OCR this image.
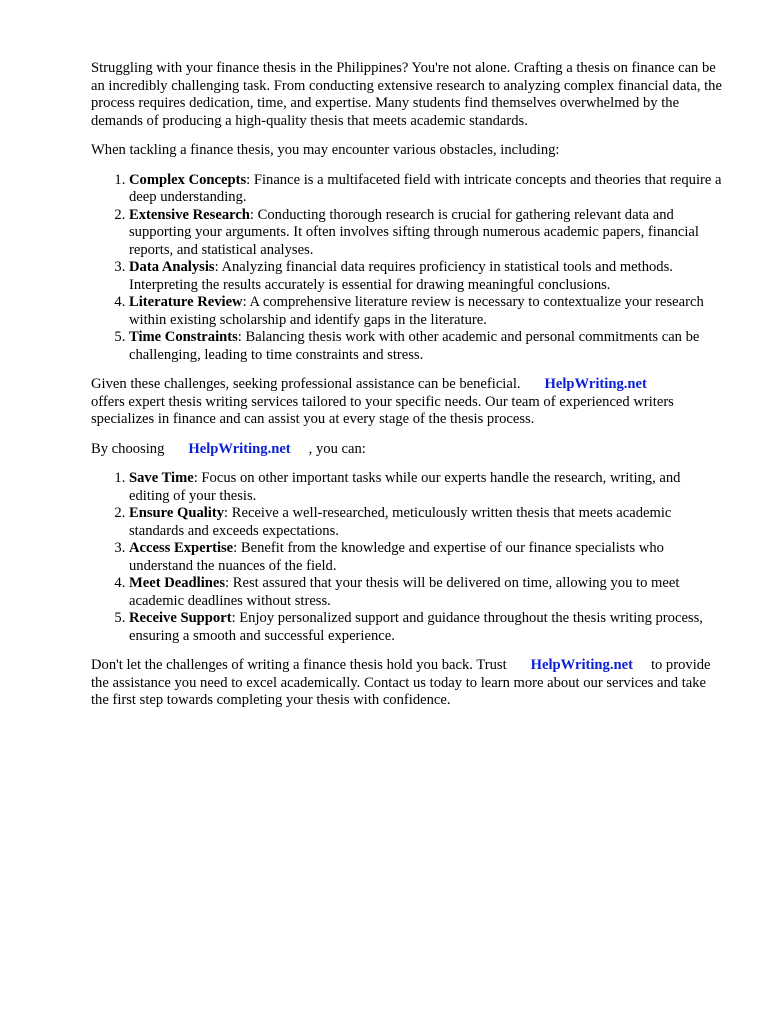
Struggling with your finance thesis in the Philippines? You're not alone. Crafting a thesis on finance can be an incredibly challenging task. From conducting extensive research to analyzing complex financial data, the process requires dedication, time, and expertise. Many students find themselves overwhelmed by the demands of producing a high-quality thesis that meets academic standards.

When tackling a finance thesis, you may encounter various obstacles, including:

1. Complex Concepts: Finance is a multifaceted field with intricate concepts and theories that require a deep understanding.
2. Extensive Research: Conducting thorough research is crucial for gathering relevant data and supporting your arguments. It often involves sifting through numerous academic papers, financial reports, and statistical analyses.
3. Data Analysis: Analyzing financial data requires proficiency in statistical tools and methods. Interpreting the results accurately is essential for drawing meaningful conclusions.
4. Literature Review: A comprehensive literature review is necessary to contextualize your research within existing scholarship and identify gaps in the literature.
5. Time Constraints: Balancing thesis work with other academic and personal commitments can be challenging, leading to time constraints and stress.

Given these challenges, seeking professional assistance can be beneficial. HelpWriting.net
offers expert thesis writing services tailored to your specific needs. Our team of experienced writers specializes in finance and can assist you at every stage of the thesis process.

By choosing HelpWriting.net , you can:

1. Save Time: Focus on other important tasks while our experts handle the research, writing, and editing of your thesis.
2. Ensure Quality: Receive a well-researched, meticulously written thesis that meets academic standards and exceeds expectations.
3. Access Expertise: Benefit from the knowledge and expertise of our finance specialists who understand the nuances of the field.
4. Meet Deadlines: Rest assured that your thesis will be delivered on time, allowing you to meet academic deadlines without stress.
5. Receive Support: Enjoy personalized support and guidance throughout the thesis writing process, ensuring a smooth and successful experience.

Don't let the challenges of writing a finance thesis hold you back. Trust HelpWriting.net to provide the assistance you need to excel academically. Contact us today to learn more about our services and take the first step towards completing your thesis with confidence.
